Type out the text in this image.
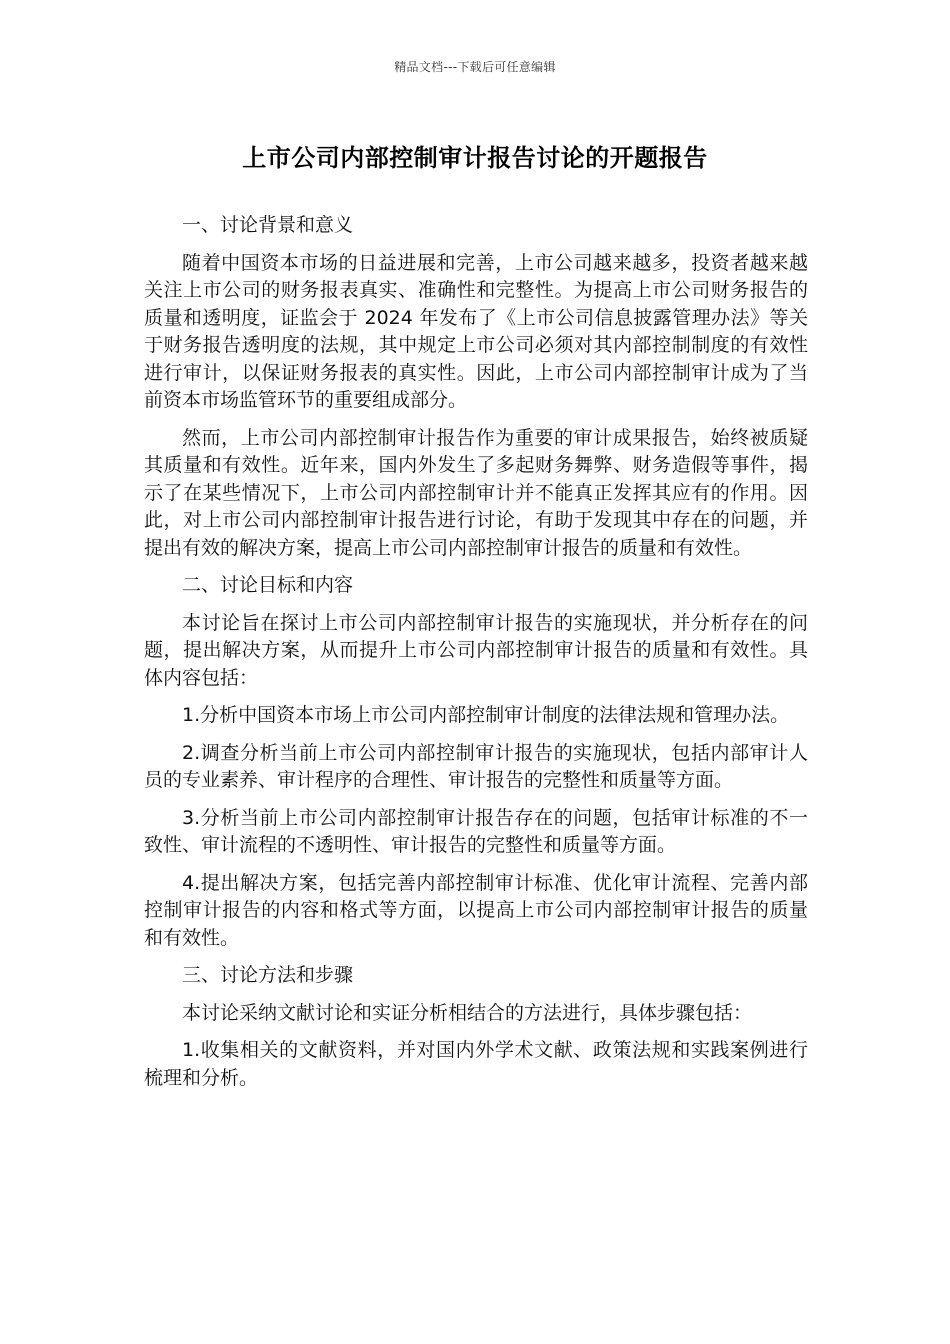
精品文档---下载后可任意编辑
上市公司内部控制审计报告讨论的开题报告

一、讨论背景和意义

随着中国资本市场的日益进展和完善，上市公司越来越多，投资者越来越关注上市公司的财务报表真实、准确性和完整性。为提高上市公司财务报告的质量和透明度，证监会于 2024 年发布了《上市公司信息披露管理办法》等关于财务报告透明度的法规，其中规定上市公司必须对其内部控制制度的有效性进行审计，以保证财务报表的真实性。因此，上市公司内部控制审计成为了当前资本市场监管环节的重要组成部分。

然而，上市公司内部控制审计报告作为重要的审计成果报告，始终被质疑其质量和有效性。近年来，国内外发生了多起财务舞弊、财务造假等事件，揭示了在某些情况下，上市公司内部控制审计并不能真正发挥其应有的作用。因此，对上市公司内部控制审计报告进行讨论，有助于发现其中存在的问题，并提出有效的解决方案，提高上市公司内部控制审计报告的质量和有效性。

二、讨论目标和内容

本讨论旨在探讨上市公司内部控制审计报告的实施现状，并分析存在的问题，提出解决方案，从而提升上市公司内部控制审计报告的质量和有效性。具体内容包括：

1.分析中国资本市场上市公司内部控制审计制度的法律法规和管理办法。

2.调查分析当前上市公司内部控制审计报告的实施现状，包括内部审计人员的专业素养、审计程序的合理性、审计报告的完整性和质量等方面。

3.分析当前上市公司内部控制审计报告存在的问题，包括审计标准的不一致性、审计流程的不透明性、审计报告的完整性和质量等方面。

4.提出解决方案，包括完善内部控制审计标准、优化审计流程、完善内部控制审计报告的内容和格式等方面，以提高上市公司内部控制审计报告的质量和有效性。

三、讨论方法和步骤

本讨论采纳文献讨论和实证分析相结合的方法进行，具体步骤包括：

1.收集相关的文献资料，并对国内外学术文献、政策法规和实践案例进行梳理和分析。
